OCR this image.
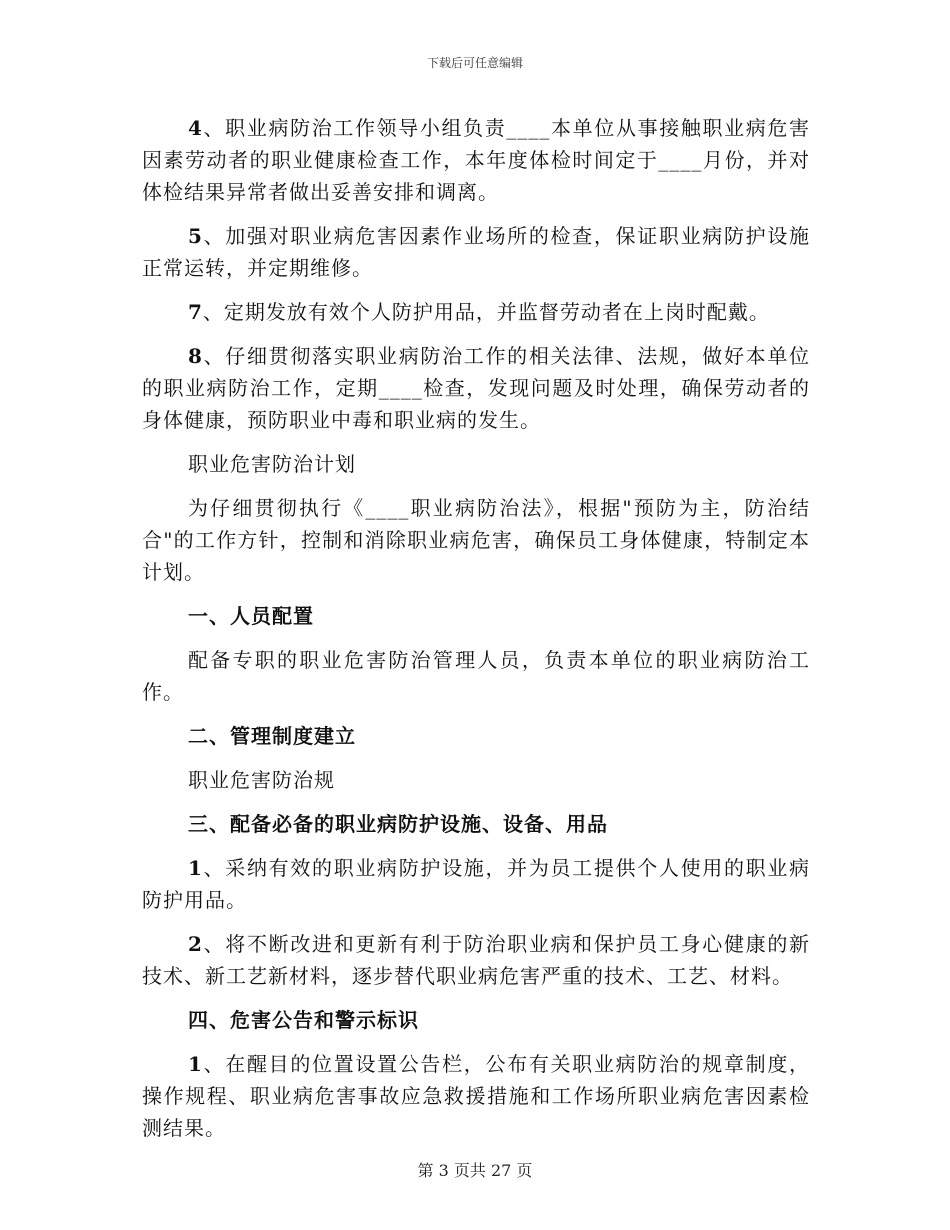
下载后可任意编辑

4、职业病防治工作领导小组负责____本单位从事接触职业病危害因素劳动者的职业健康检查工作，本年度体检时间定于____月份，并对体检结果异常者做出妥善安排和调离。

5、加强对职业病危害因素作业场所的检查，保证职业病防护设施正常运转，并定期维修。

7、定期发放有效个人防护用品，并监督劳动者在上岗时配戴。

8、仔细贯彻落实职业病防治工作的相关法律、法规，做好本单位的职业病防治工作，定期____检查，发现问题及时处理，确保劳动者的身体健康，预防职业中毒和职业病的发生。

职业危害防治计划

为仔细贯彻执行《____职业病防治法》，根据"预防为主，防治结合"的工作方针，控制和消除职业病危害，确保员工身体健康，特制定本计划。

一、人员配置

配备专职的职业危害防治管理人员，负责本单位的职业病防治工作。

二、管理制度建立

职业危害防治规

三、配备必备的职业病防护设施、设备、用品

1、采纳有效的职业病防护设施，并为员工提供个人使用的职业病防护用品。

2、将不断改进和更新有利于防治职业病和保护员工身心健康的新技术、新工艺新材料，逐步替代职业病危害严重的技术、工艺、材料。

四、危害公告和警示标识

1、在醒目的位置设置公告栏，公布有关职业病防治的规章制度，操作规程、职业病危害事故应急救援措施和工作场所职业病危害因素检测结果。

第 3 页共 27 页
